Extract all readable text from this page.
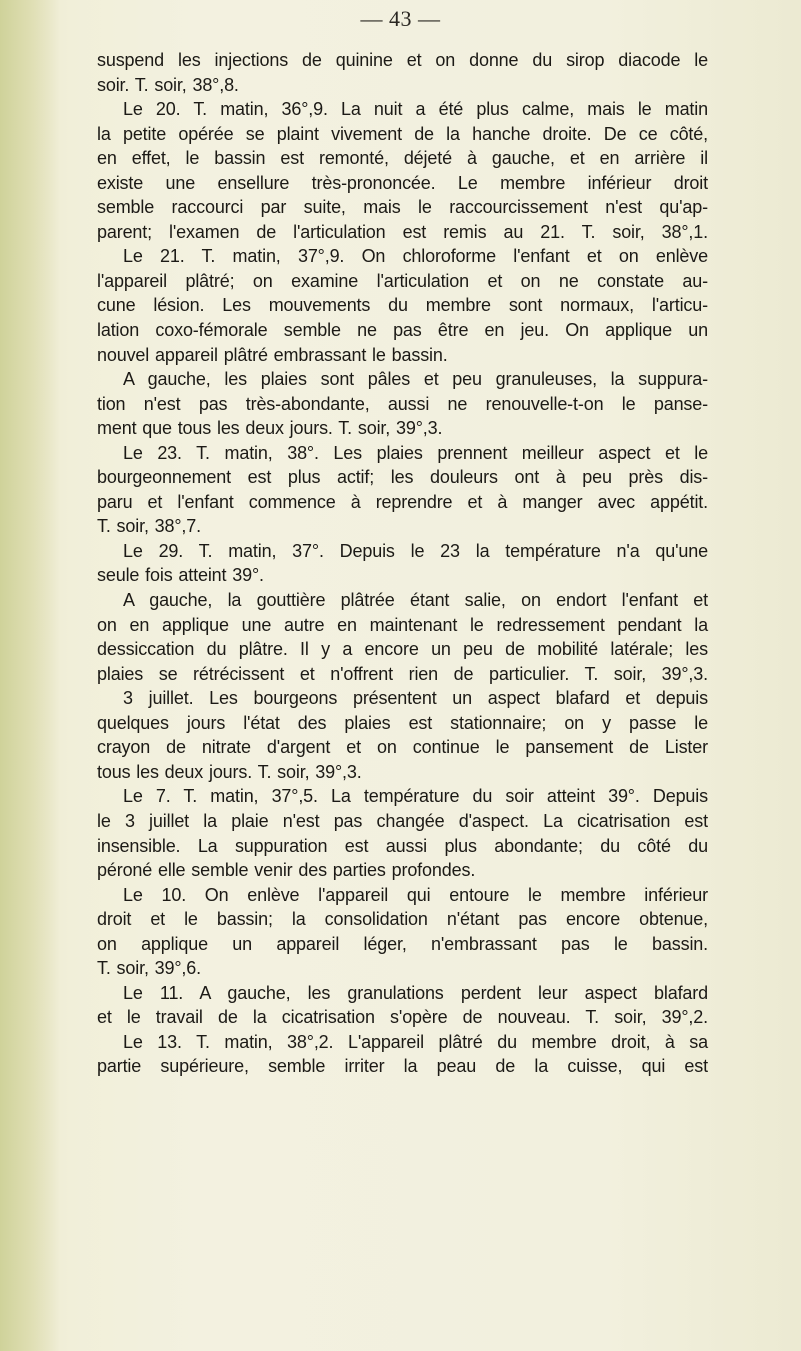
— 43 —
suspend les injections de quinine et on donne du sirop diacode le
soir. T. soir, 38°,8.
Le 20. T. matin, 36°,9. La nuit a été plus calme, mais le matin
la petite opérée se plaint vivement de la hanche droite. De ce côté,
en effet, le bassin est remonté, déjeté à gauche, et en arrière il
existe une ensellure très-prononcée. Le membre inférieur droit
semble raccourci par suite, mais le raccourcissement n'est qu'ap-
parent; l'examen de l'articulation est remis au 21. T. soir, 38°,1.
Le 21. T. matin, 37°,9. On chloroforme l'enfant et on enlève
l'appareil plâtré; on examine l'articulation et on ne constate au-
cune lésion. Les mouvements du membre sont normaux, l'articu-
lation coxo-fémorale semble ne pas être en jeu. On applique un
nouvel appareil plâtré embrassant le bassin.
A gauche, les plaies sont pâles et peu granuleuses, la suppura-
tion n'est pas très-abondante, aussi ne renouvelle-t-on le panse-
ment que tous les deux jours. T. soir, 39°,3.
Le 23. T. matin, 38°. Les plaies prennent meilleur aspect et le
bourgeonnement est plus actif; les douleurs ont à peu près dis-
paru et l'enfant commence à reprendre et à manger avec appétit.
T. soir, 38°,7.
Le 29. T. matin, 37°. Depuis le 23 la température n'a qu'une
seule fois atteint 39°.
A gauche, la gouttière plâtrée étant salie, on endort l'enfant et
on en applique une autre en maintenant le redressement pendant la
dessiccation du plâtre. Il y a encore un peu de mobilité latérale; les
plaies se rétrécissent et n'offrent rien de particulier. T. soir, 39°,3.
3 juillet. Les bourgeons présentent un aspect blafard et depuis
quelques jours l'état des plaies est stationnaire; on y passe le
crayon de nitrate d'argent et on continue le pansement de Lister
tous les deux jours. T. soir, 39°,3.
Le 7. T. matin, 37°,5. La température du soir atteint 39°. Depuis
le 3 juillet la plaie n'est pas changée d'aspect. La cicatrisation est
insensible. La suppuration est aussi plus abondante; du côté du
péroné elle semble venir des parties profondes.
Le 10. On enlève l'appareil qui entoure le membre inférieur
droit et le bassin; la consolidation n'étant pas encore obtenue,
on applique un appareil léger, n'embrassant pas le bassin.
T. soir, 39°,6.
Le 11. A gauche, les granulations perdent leur aspect blafard
et le travail de la cicatrisation s'opère de nouveau. T. soir, 39°,2.
Le 13. T. matin, 38°,2. L'appareil plâtré du membre droit, à sa
partie supérieure, semble irriter la peau de la cuisse, qui est
